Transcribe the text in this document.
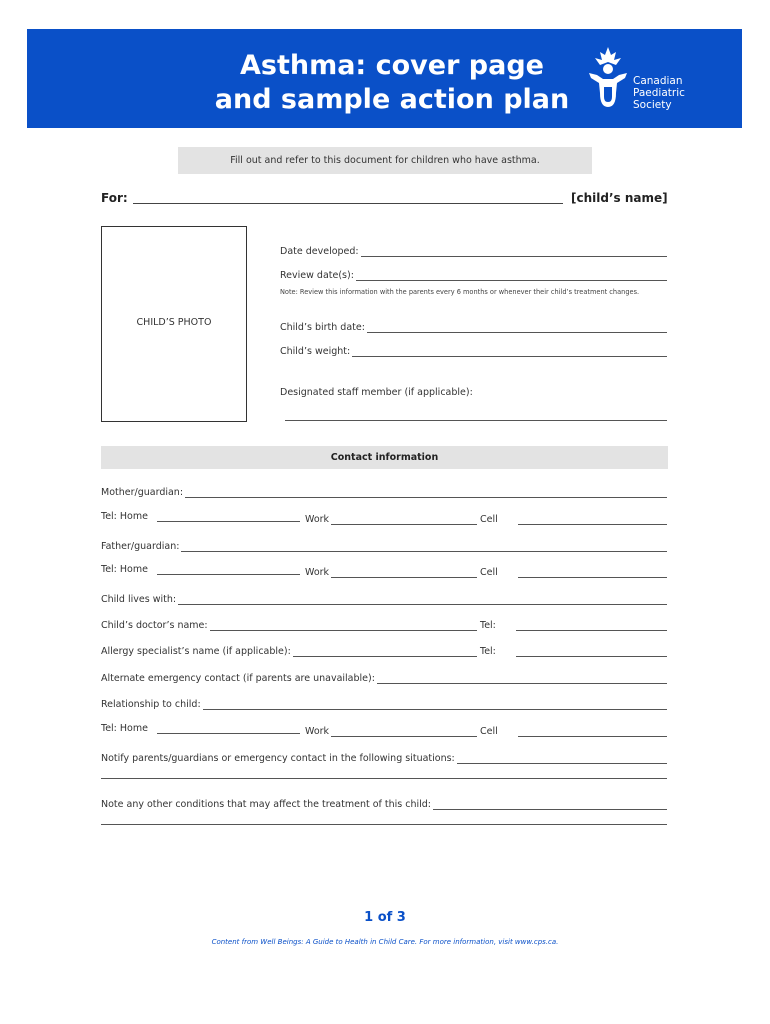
Asthma: cover page
and sample action plan
Canadian
Paediatric
Society
Fill out and refer to this document for children who have asthma.
For:	[child’s name]
CHILD’S PHOTO
Date developed:
Review date(s):
Note: Review this information with the parents every 6 months or whenever their child’s treatment changes.
Child’s birth date:
Child’s weight:
Designated staff member (if applicable):
Contact information
Mother/guardian:
Tel: Home	Work	Cell
Father/guardian:
Tel: Home	Work	Cell
Child lives with:
Child’s doctor’s name:	Tel:
Allergy specialist’s name (if applicable):	Tel:
Alternate emergency contact (if parents are unavailable):
Relationship to child:
Tel: Home	Work	Cell
Notify parents/guardians or emergency contact in the following situations:
Note any other conditions that may affect the treatment of this child:
1 of 3
Content from Well Beings: A Guide to Health in Child Care. For more information, visit www.cps.ca.
